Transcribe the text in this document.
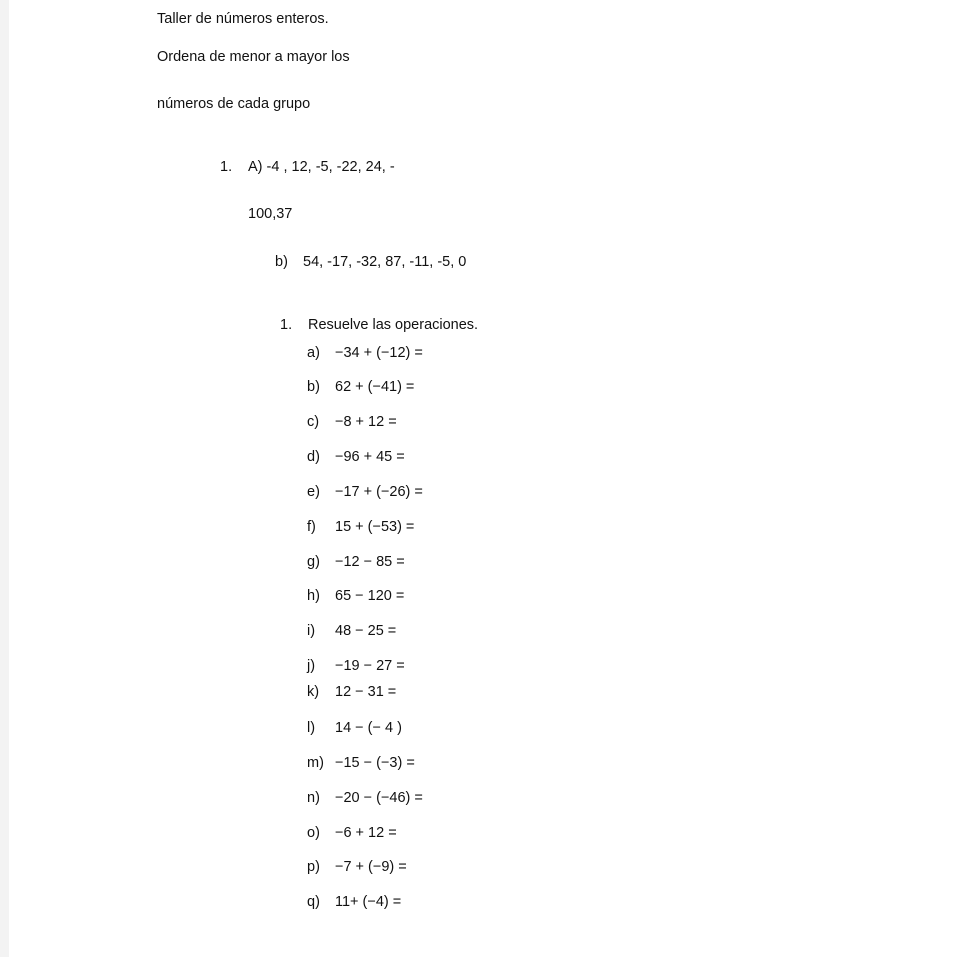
Taller de números enteros.
Ordena de menor a mayor los
números de cada grupo
1. A) -4 , 12, -5, -22, 24, -
100,37
b) 54, -17, -32, 87, -11, -5, 0
1. Resuelve las operaciones.
a) −34 + (−12) =
b) 62 + (−41) =
c) −8 + 12 =
d) −96 + 45 =
e) −17 + (−26) =
f) 15 + (−53) =
g) −12 − 85 =
h) 65 − 120 =
i) 48 − 25 =
j) −19 − 27 =
k) 12 − 31 =
l) 14 − (− 4 )
m) −15 − (−3) =
n) −20 − (−46) =
o) −6 + 12 =
p) −7 + (−9) =
q) 11+ (−4) =
